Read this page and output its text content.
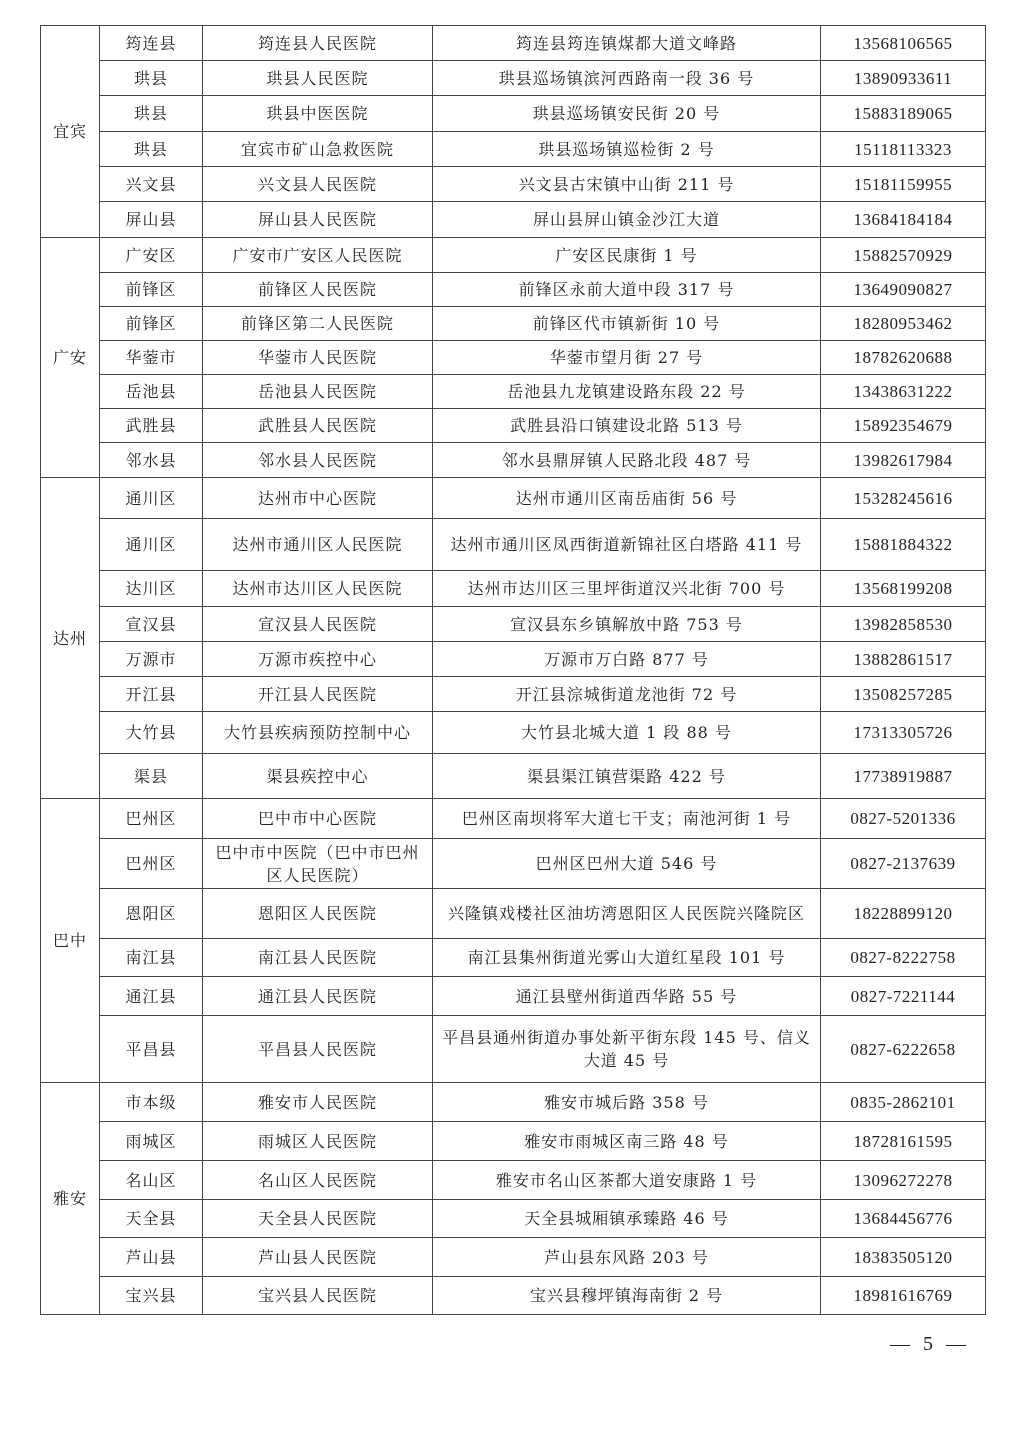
宜宾	筠连县	筠连县人民医院	筠连县筠连镇煤都大道文峰路	13568106565
	珙县	珙县人民医院	珙县巡场镇滨河西路南一段 36 号	13890933611
	珙县	珙县中医医院	珙县巡场镇安民街 20 号	15883189065
	珙县	宜宾市矿山急救医院	珙县巡场镇巡检街 2 号	15118113323
	兴文县	兴文县人民医院	兴文县古宋镇中山街 211 号	15181159955
	屏山县	屏山县人民医院	屏山县屏山镇金沙江大道	13684184184
广安	广安区	广安市广安区人民医院	广安区民康街 1 号	15882570929
	前锋区	前锋区人民医院	前锋区永前大道中段 317 号	13649090827
	前锋区	前锋区第二人民医院	前锋区代市镇新街 10 号	18280953462
	华蓥市	华蓥市人民医院	华蓥市望月街 27 号	18782620688
	岳池县	岳池县人民医院	岳池县九龙镇建设路东段 22 号	13438631222
	武胜县	武胜县人民医院	武胜县沿口镇建设北路 513 号	15892354679
	邻水县	邻水县人民医院	邻水县鼎屏镇人民路北段 487 号	13982617984
达州	通川区	达州市中心医院	达州市通川区南岳庙街 56 号	15328245616
	通川区	达州市通川区人民医院	达州市通川区凤西街道新锦社区白塔路 411 号	15881884322
	达川区	达州市达川区人民医院	达州市达川区三里坪街道汉兴北街 700 号	13568199208
	宣汉县	宣汉县人民医院	宣汉县东乡镇解放中路 753 号	13982858530
	万源市	万源市疾控中心	万源市万白路 877 号	13882861517
	开江县	开江县人民医院	开江县淙城街道龙池街 72 号	13508257285
	大竹县	大竹县疾病预防控制中心	大竹县北城大道 1 段 88 号	17313305726
	渠县	渠县疾控中心	渠县渠江镇营渠路 422 号	17738919887
巴中	巴州区	巴中市中心医院	巴州区南坝将军大道七干支；南池河街 1 号	0827-5201336
	巴州区	巴中市中医院（巴中市巴州区人民医院）	巴州区巴州大道 546 号	0827-2137639
	恩阳区	恩阳区人民医院	兴隆镇戏楼社区油坊湾恩阳区人民医院兴隆院区	18228899120
	南江县	南江县人民医院	南江县集州街道光雾山大道红星段 101 号	0827-8222758
	通江县	通江县人民医院	通江县壁州街道西华路 55 号	0827-7221144
	平昌县	平昌县人民医院	平昌县通州街道办事处新平街东段 145 号、信义大道 45 号	0827-6222658
雅安	市本级	雅安市人民医院	雅安市城后路 358 号	0835-2862101
	雨城区	雨城区人民医院	雅安市雨城区南三路 48 号	18728161595
	名山区	名山区人民医院	雅安市名山区茶都大道安康路 1 号	13096272278
	天全县	天全县人民医院	天全县城厢镇承臻路 46 号	13684456776
	芦山县	芦山县人民医院	芦山县东风路 203 号	18383505120
	宝兴县	宝兴县人民医院	宝兴县穆坪镇海南街 2 号	18981616769
— 5 —
